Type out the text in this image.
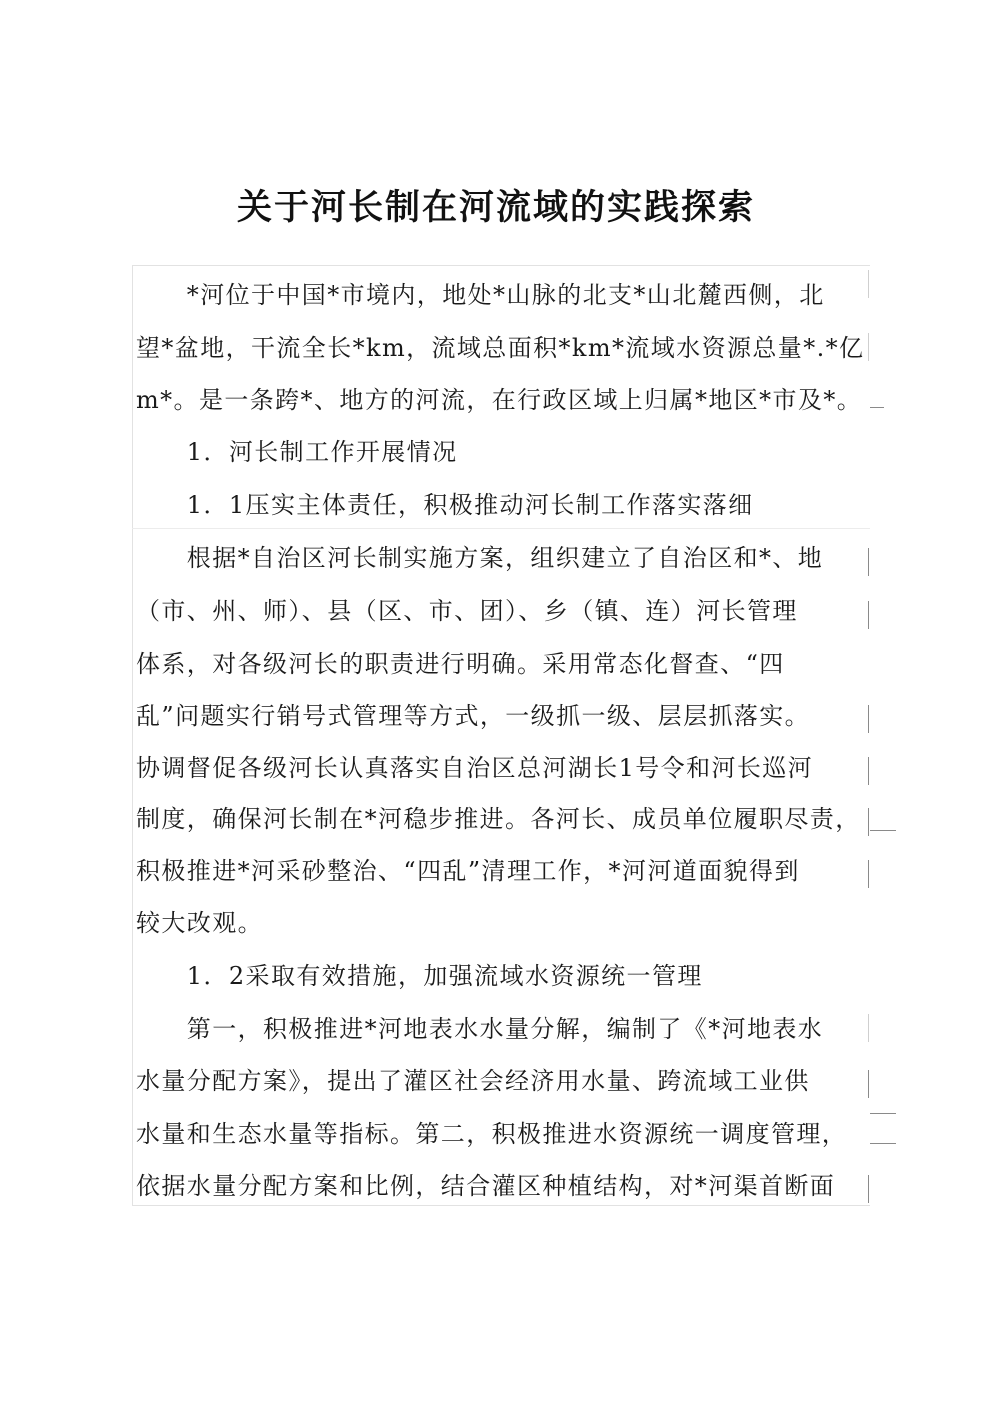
关于河长制在河流域的实践探索
　　*河位于中国*市境内，地处*山脉的北支*山北麓西侧，北
望*盆地，干流全长*km，流域总面积*km*流域水资源总量*.*亿
m*。是一条跨*、地方的河流，在行政区域上归属*地区*市及*。
　　1．河长制工作开展情况
　　1．1压实主体责任，积极推动河长制工作落实落细
　　根据*自治区河长制实施方案，组织建立了自治区和*、地
（市、州、师）、县（区、市、团）、乡（镇、连）河长管理
体系，对各级河长的职责进行明确。采用常态化督查、“四
乱”问题实行销号式管理等方式，一级抓一级、层层抓落实。
协调督促各级河长认真落实自治区总河湖长1号令和河长巡河
制度，确保河长制在*河稳步推进。各河长、成员单位履职尽责，
积极推进*河采砂整治、“四乱”清理工作，*河河道面貌得到
较大改观。
　　1．2采取有效措施，加强流域水资源统一管理
　　第一，积极推进*河地表水水量分解，编制了《*河地表水
水量分配方案》，提出了灌区社会经济用水量、跨流域工业供
水量和生态水量等指标。第二，积极推进水资源统一调度管理，
依据水量分配方案和比例，结合灌区种植结构，对*河渠首断面
